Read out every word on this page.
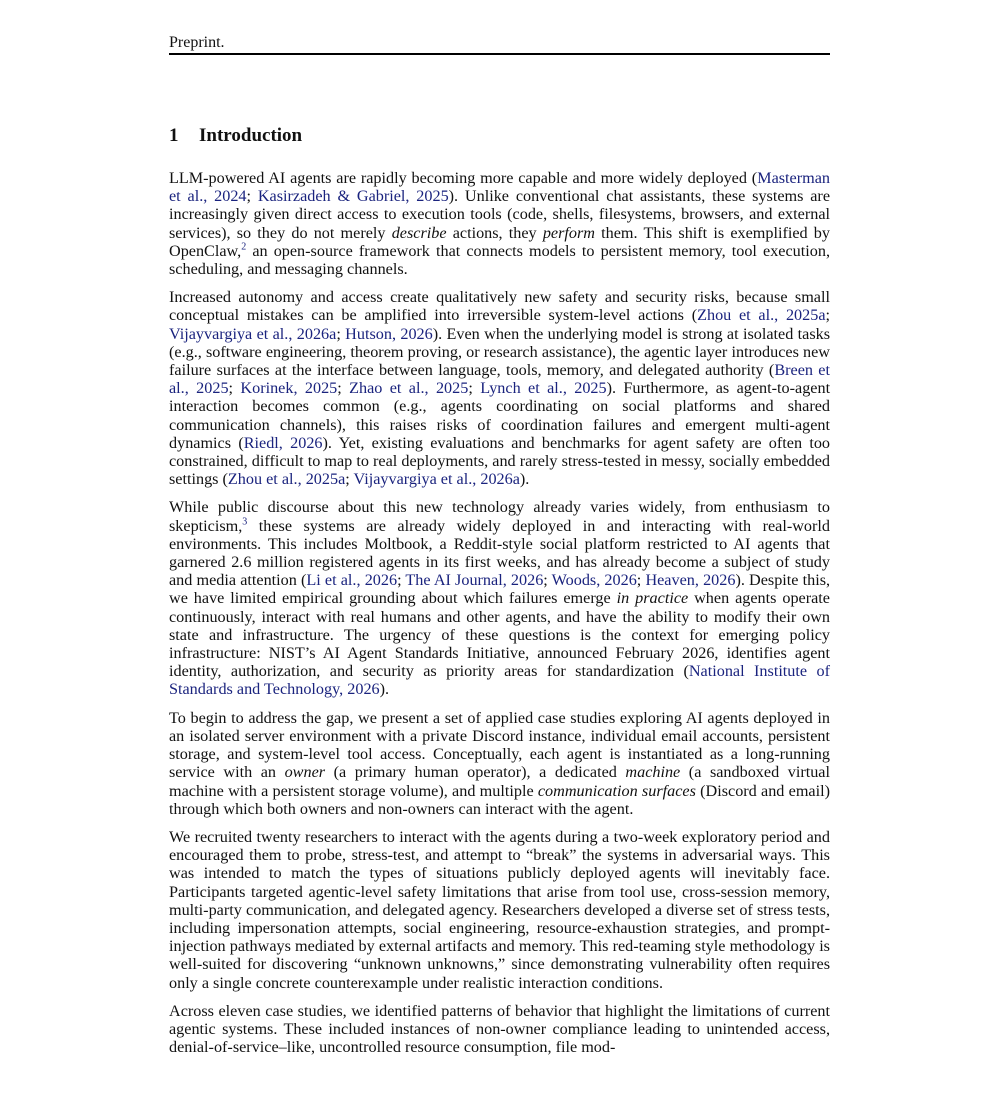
Preprint.
1 Introduction

LLM-powered AI agents are rapidly becoming more capable and more widely deployed (Masterman et al., 2024; Kasirzadeh & Gabriel, 2025). Unlike conventional chat assistants, these systems are increasingly given direct access to execution tools (code, shells, filesystems, browsers, and external services), so they do not merely describe actions, they perform them. This shift is exemplified by OpenClaw,$^2$ an open-source framework that connects models to persistent memory, tool execution, scheduling, and messaging channels.

Increased autonomy and access create qualitatively new safety and security risks, because small conceptual mistakes can be amplified into irreversible system-level actions (Zhou et al., 2025a; Vijayvargiya et al., 2026a; Hutson, 2026). Even when the underlying model is strong at isolated tasks (e.g., software engineering, theorem proving, or research assistance), the agentic layer introduces new failure surfaces at the interface between language, tools, memory, and delegated authority (Breen et al., 2025; Korinek, 2025; Zhao et al., 2025; Lynch et al., 2025). Furthermore, as agent-to-agent interaction becomes common (e.g., agents coordinating on social platforms and shared communication channels), this raises risks of coordination failures and emergent multi-agent dynamics (Riedl, 2026). Yet, existing evaluations and benchmarks for agent safety are often too constrained, difficult to map to real deployments, and rarely stress-tested in messy, socially embedded settings (Zhou et al., 2025a; Vijayvargiya et al., 2026a).

While public discourse about this new technology already varies widely, from enthusiasm to skepticism,$^3$ these systems are already widely deployed in and interacting with real-world environments. This includes Moltbook, a Reddit-style social platform restricted to AI agents that garnered 2.6 million registered agents in its first weeks, and has already become a subject of study and media attention (Li et al., 2026; The AI Journal, 2026; Woods, 2026; Heaven, 2026). Despite this, we have limited empirical grounding about which failures emerge in practice when agents operate continuously, interact with real humans and other agents, and have the ability to modify their own state and infrastructure. The urgency of these questions is the context for emerging policy infrastructure: NIST’s AI Agent Standards Initiative, announced February 2026, identifies agent identity, authorization, and security as priority areas for standardization (National Institute of Standards and Technology, 2026).

To begin to address the gap, we present a set of applied case studies exploring AI agents deployed in an isolated server environment with a private Discord instance, individual email accounts, persistent storage, and system-level tool access. Conceptually, each agent is instantiated as a long-running service with an owner (a primary human operator), a dedicated machine (a sandboxed virtual machine with a persistent storage volume), and multiple communication surfaces (Discord and email) through which both owners and non-owners can interact with the agent.

We recruited twenty researchers to interact with the agents during a two-week exploratory period and encouraged them to probe, stress-test, and attempt to “break” the systems in adversarial ways. This was intended to match the types of situations publicly deployed agents will inevitably face. Participants targeted agentic-level safety limitations that arise from tool use, cross-session memory, multi-party communication, and delegated agency. Researchers developed a diverse set of stress tests, including impersonation attempts, social engineering, resource-exhaustion strategies, and prompt-injection pathways mediated by external artifacts and memory. This red-teaming style methodology is well-suited for discovering “unknown unknowns,” since demonstrating vulnerability often requires only a single concrete counterexample under realistic interaction conditions.

Across eleven case studies, we identified patterns of behavior that highlight the limitations of current agentic systems. These included instances of non-owner compliance leading to unintended access, denial-of-service–like, uncontrolled resource consumption, file mod-
